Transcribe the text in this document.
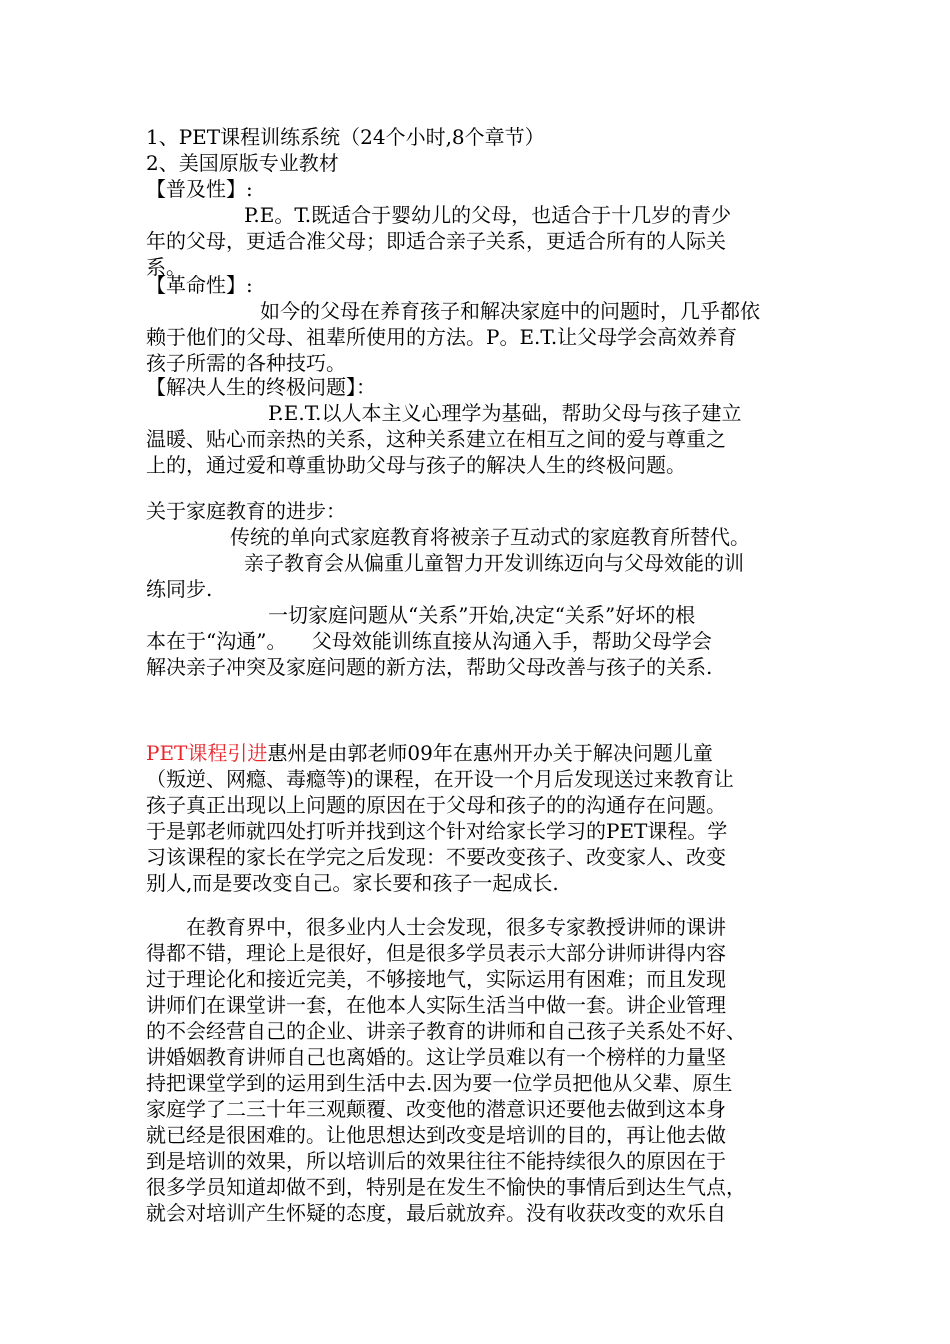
1、PET课程训练系统（24个小时,8个章节）
2、美国原版专业教材
【普及性】:
P.E。T.既适合于婴幼儿的父母，也适合于十几岁的青少
年的父母，更适合准父母；即适合亲子关系，更适合所有的人际关
系。
【革命性】:
如今的父母在养育孩子和解决家庭中的问题时，几乎都依
赖于他们的父母、祖辈所使用的方法。P。E.T.让父母学会高效养育
孩子所需的各种技巧。
【解决人生的终极问题】：
P.E.T.以人本主义心理学为基础，帮助父母与孩子建立
温暖、贴心而亲热的关系，这种关系建立在相互之间的爱与尊重之
上的，通过爱和尊重协助父母与孩子的解决人生的终极问题。
关于家庭教育的进步：
传统的单向式家庭教育将被亲子互动式的家庭教育所替代。
亲子教育会从偏重儿童智力开发训练迈向与父母效能的训
练同步.
一切家庭问题从“关系”开始,决定“关系”好坏的根
本在于“沟通”。    父母效能训练直接从沟通入手，帮助父母学会
解决亲子冲突及家庭问题的新方法，帮助父母改善与孩子的关系.
PET课程引进惠州是由郭老师09年在惠州开办关于解决问题儿童
（叛逆、网瘾、毒瘾等)的课程，在开设一个月后发现送过来教育让
孩子真正出现以上问题的原因在于父母和孩子的的沟通存在问题。
于是郭老师就四处打听并找到这个针对给家长学习的PET课程。学
习该课程的家长在学完之后发现：不要改变孩子、改变家人、改变
别人,而是要改变自己。家长要和孩子一起成长.
在教育界中，很多业内人士会发现，很多专家教授讲师的课讲
得都不错，理论上是很好，但是很多学员表示大部分讲师讲得内容
过于理论化和接近完美，不够接地气，实际运用有困难；而且发现
讲师们在课堂讲一套，在他本人实际生活当中做一套。讲企业管理
的不会经营自己的企业、讲亲子教育的讲师和自己孩子关系处不好、
讲婚姻教育讲师自己也离婚的。这让学员难以有一个榜样的力量坚
持把课堂学到的运用到生活中去.因为要一位学员把他从父辈、原生
家庭学了二三十年三观颠覆、改变他的潜意识还要他去做到这本身
就已经是很困难的。让他思想达到改变是培训的目的，再让他去做
到是培训的效果，所以培训后的效果往往不能持续很久的原因在于
很多学员知道却做不到，特别是在发生不愉快的事情后到达生气点，
就会对培训产生怀疑的态度，最后就放弃。没有收获改变的欢乐自
